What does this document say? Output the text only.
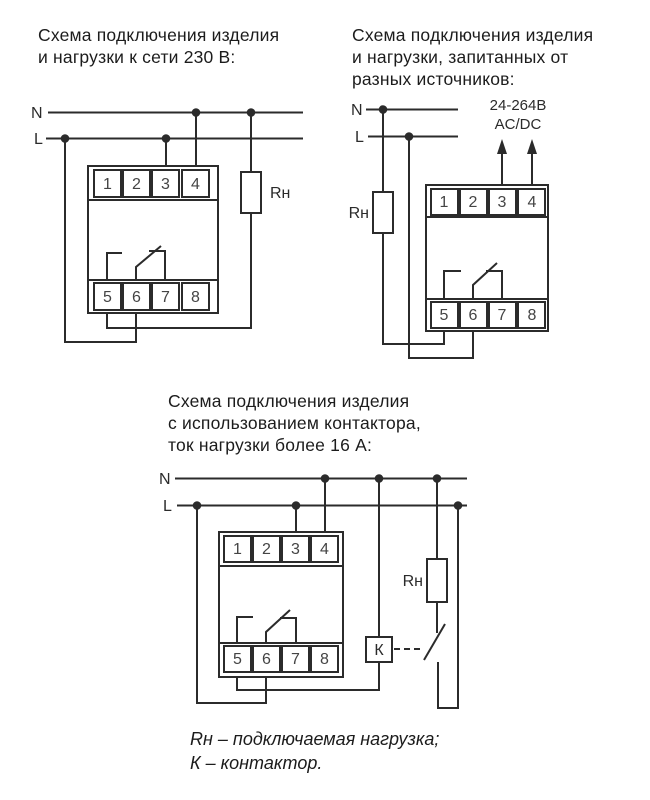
Схема подключения изделия
и нагрузки к сети 230 В:
Схема подключения изделия
и нагрузки, запитанных от
разных источников:
Схема подключения изделия
с использованием контактора,
ток нагрузки более 16 А:
N
L
Rн
1 2 3 4
5 6 7 8
N
L
24-264В
AC/DC
Rн
1 2 3 4
5 6 7 8
N
L
1 2 3 4
5 6 7 8
К
Rн
Rн – подключаемая нагрузка;
К – контактор.
